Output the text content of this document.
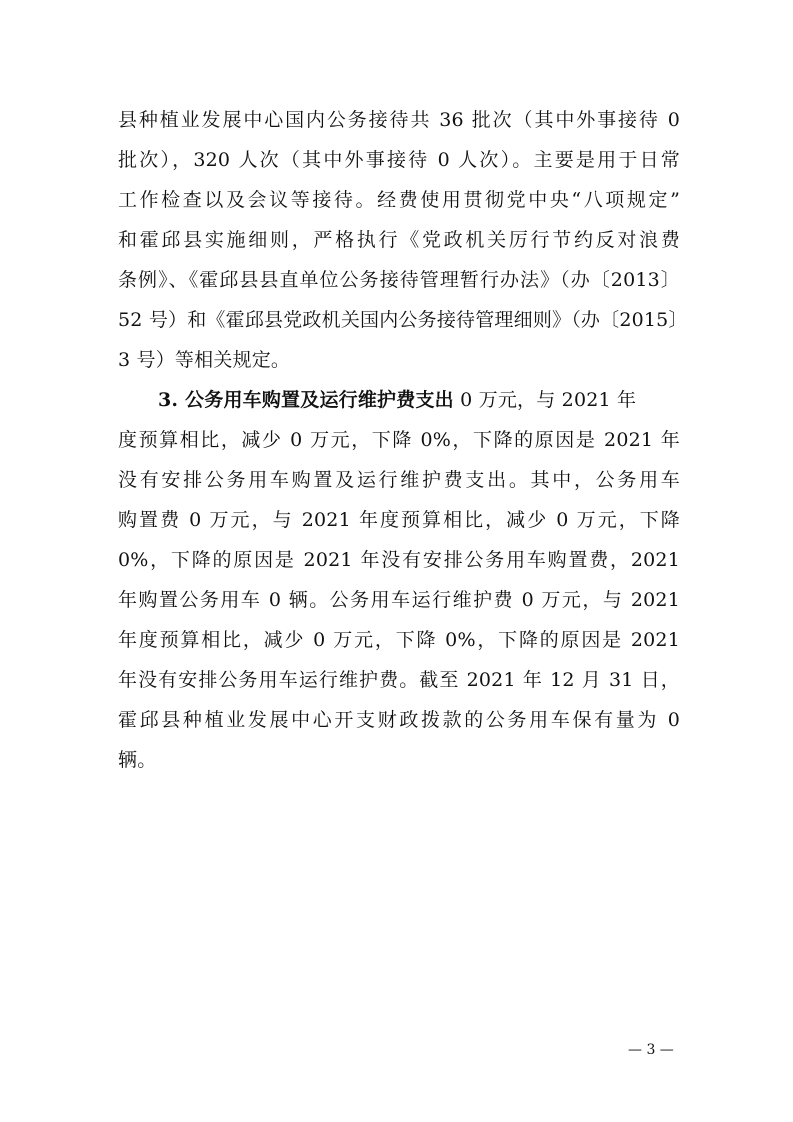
县种植业发展中心国内公务接待共 36 批次（其中外事接待 0
批次），320 人次（其中外事接待 0 人次）。主要是用于日常
工作检查以及会议等接待。经费使用贯彻党中央“八项规定”
和霍邱县实施细则，严格执行《党政机关厉行节约反对浪费
条例》、《霍邱县县直单位公务接待管理暂行办法》（办〔2013〕
52 号）和《霍邱县党政机关国内公务接待管理细则》（办〔2015〕
3 号）等相关规定。
3. 公务用车购置及运行维护费支出 0 万元，与 2021 年
度预算相比，减少 0 万元，下降 0%，下降的原因是 2021 年
没有安排公务用车购置及运行维护费支出。其中，公务用车
购置费 0 万元，与 2021 年度预算相比，减少 0 万元，下降
0%，下降的原因是 2021 年没有安排公务用车购置费，2021
年购置公务用车 0 辆。公务用车运行维护费 0 万元，与 2021
年度预算相比，减少 0 万元，下降 0%，下降的原因是 2021
年没有安排公务用车运行维护费。截至 2021 年 12 月 31 日，
霍邱县种植业发展中心开支财政拨款的公务用车保有量为 0
辆。
— 3 —
